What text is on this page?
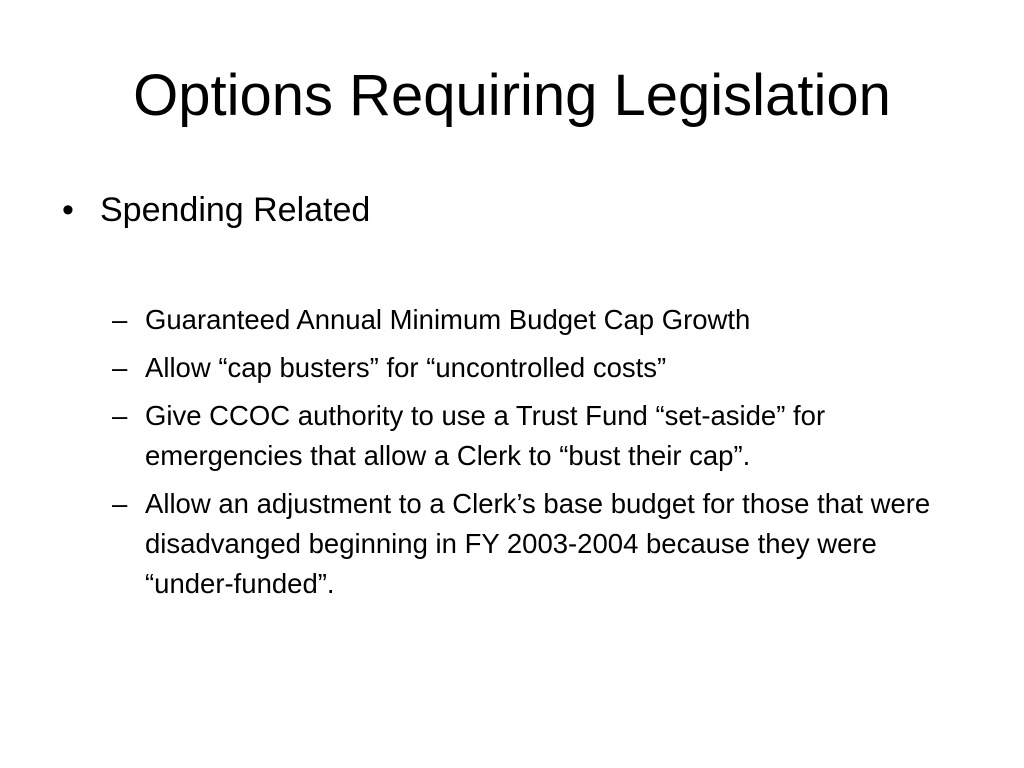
Options Requiring Legislation
• Spending Related
– Guaranteed Annual Minimum Budget Cap Growth
– Allow “cap busters” for “uncontrolled costs”
– Give CCOC authority to use a Trust Fund “set-aside” for emergencies that allow a Clerk to “bust their cap”.
– Allow an adjustment to a Clerk’s base budget for those that were disadvanged beginning in FY 2003-2004 because they were “under-funded”.
